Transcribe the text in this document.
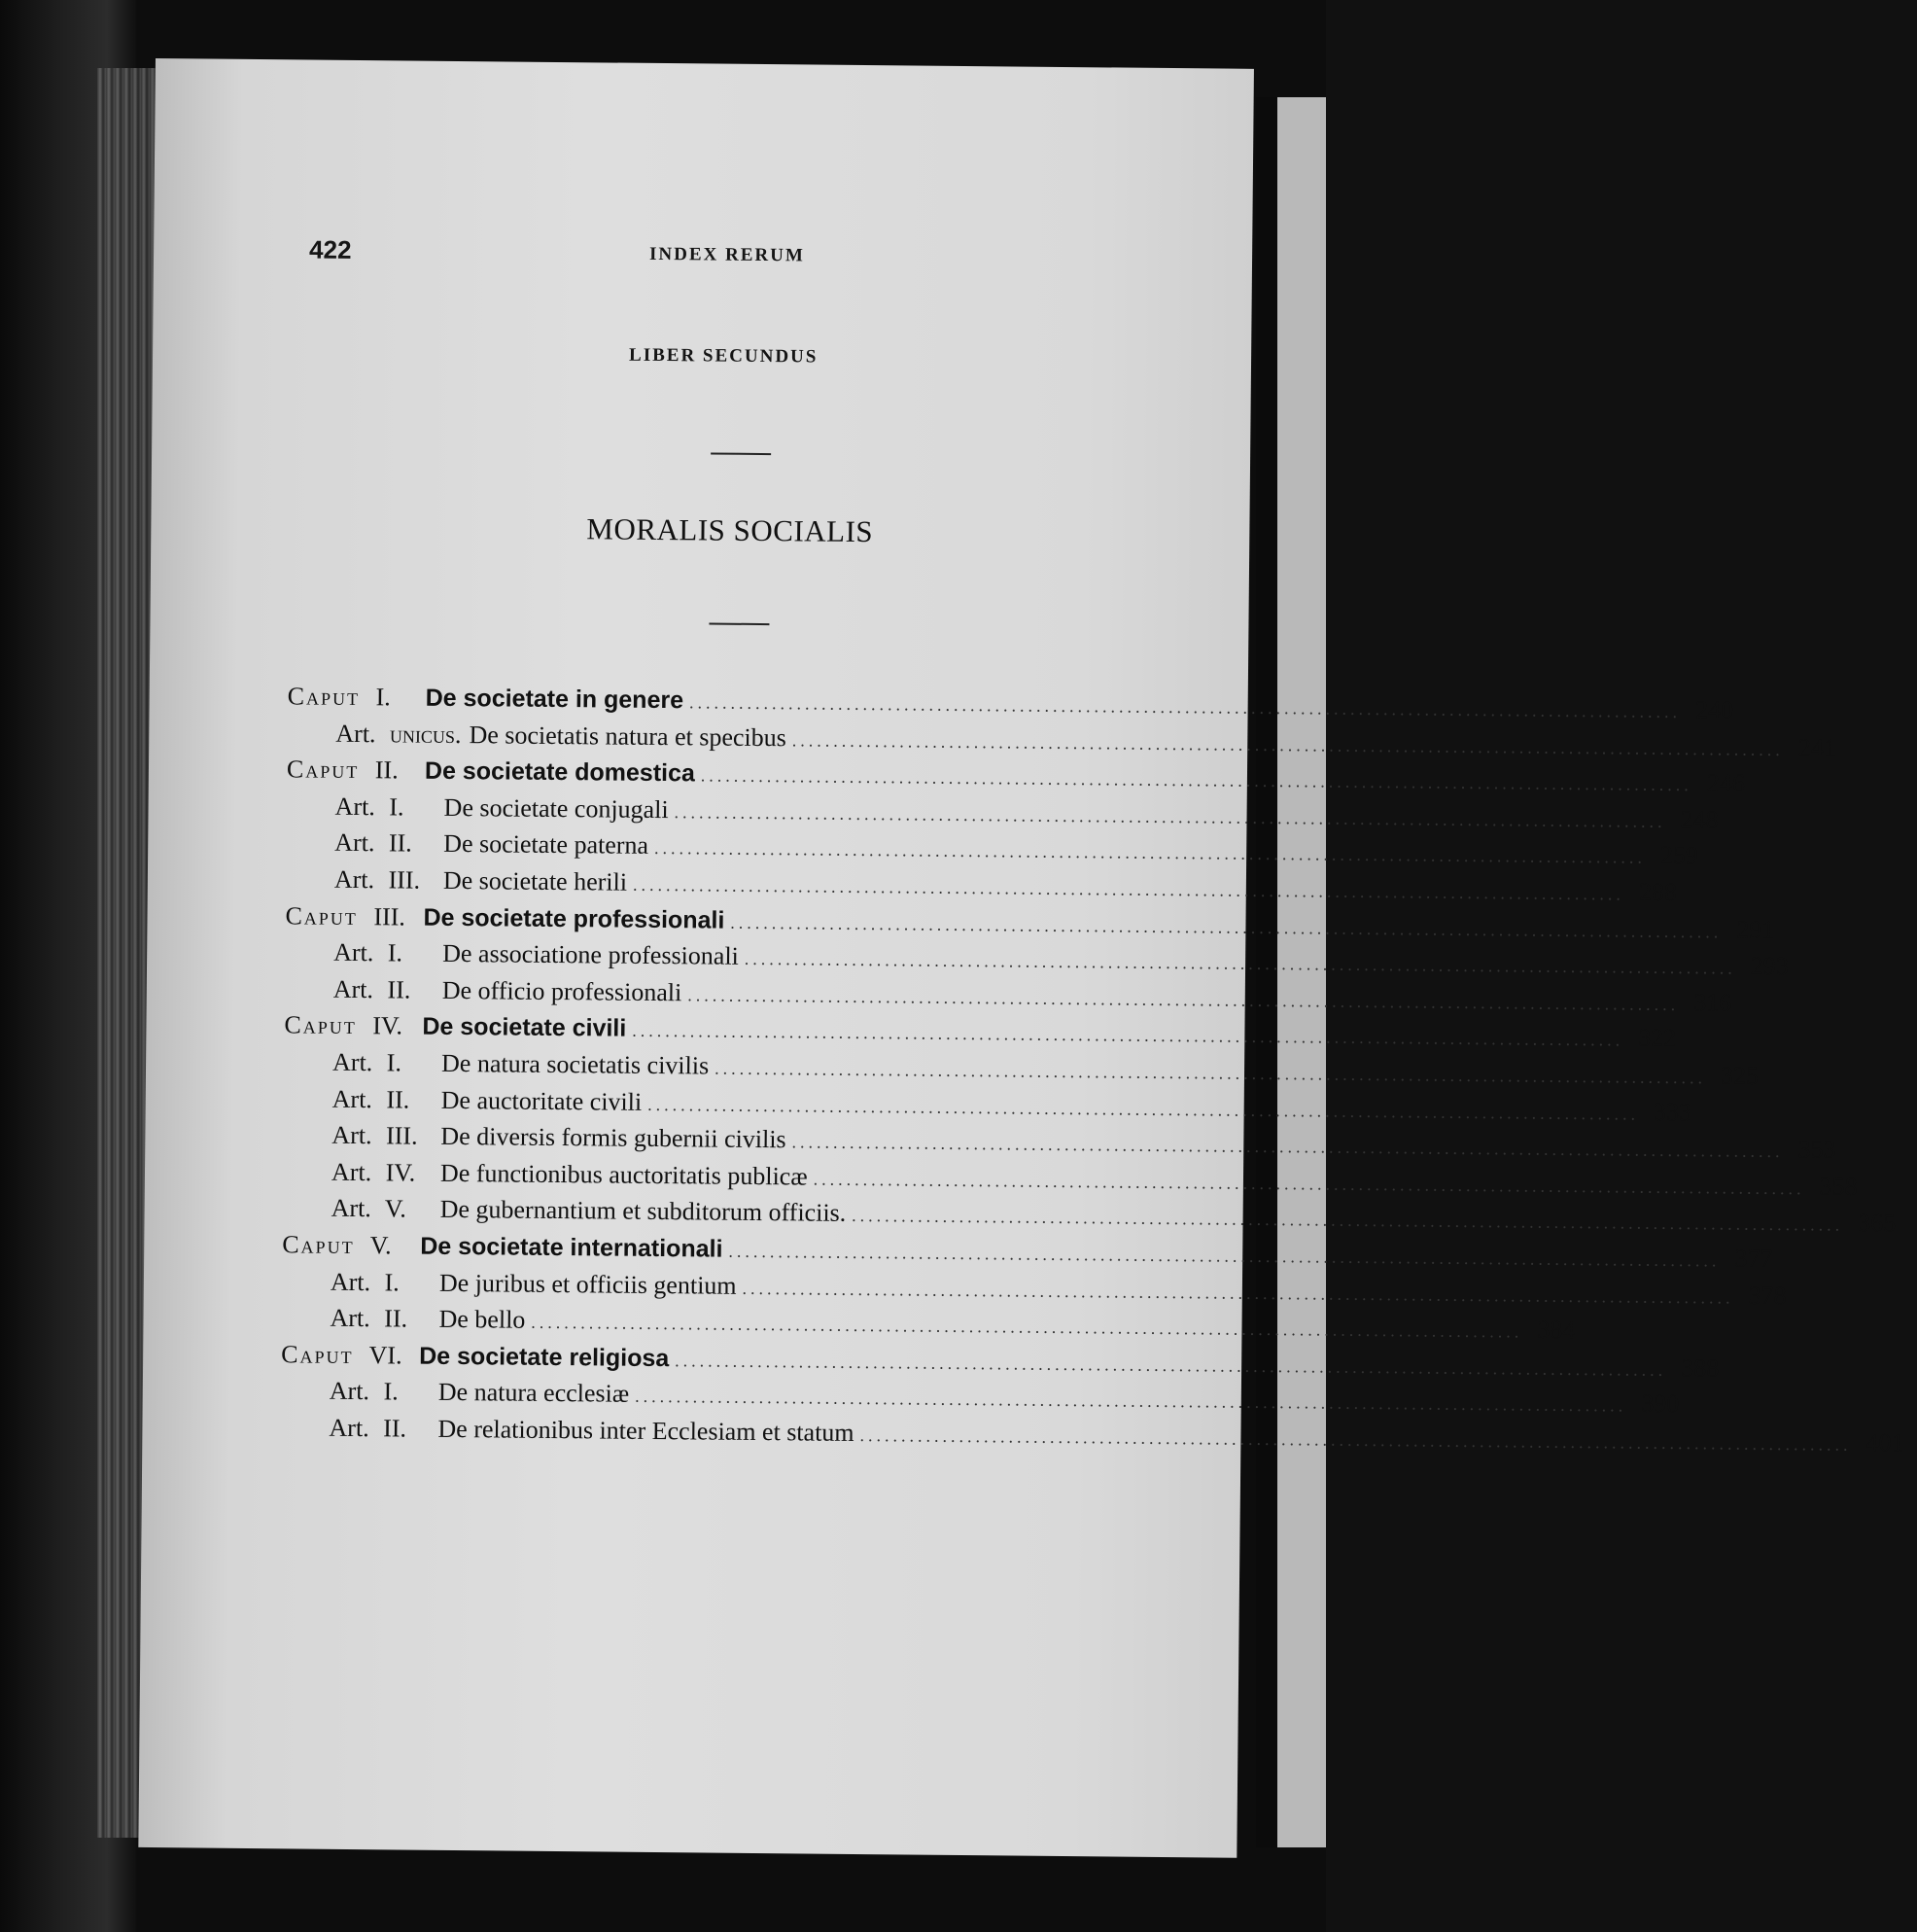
422	INDEX RERUM
LIBER SECUNDUS
MORALIS SOCIALIS
Caput I.	De societate in genere ........................................................................................................................ 240
Art. unicus. De societatis natura et specibus ........................................................................................................................ 241
Caput II.	De societate domestica ........................................................................................................................ 246
Art. I.	De societate conjugali ........................................................................................................................ 248
Art. II.	De societate paterna ........................................................................................................................ 259
Art. III. De societate herili ........................................................................................................................ 288
Caput III. De societate professionali ........................................................................................................................ 291
Art. I.	De associatione professionali ........................................................................................................................ 293
Art. II.	De officio professionali ........................................................................................................................ 316
Caput IV. De societate civili ........................................................................................................................ 322
Art. I.	De natura societatis civilis ........................................................................................................................ 325
Art. II.	De auctoritate civili ........................................................................................................................ 333
Art. III. De diversis formis gubernii civilis ........................................................................................................................ 353
Art. IV. De functionibus auctoritatis publicæ ........................................................................................................................ 358
Art. V.	De gubernantium et subditorum officiis. ........................................................................................................................ 365
Caput V.	De societate internationali ........................................................................................................................ 377
Art. I.	De juribus et officiis gentium ........................................................................................................................ 378
Art. II.	De bello ........................................................................................................................ 384
Caput VI. De societate religiosa ........................................................................................................................ 388
Art. I.	De natura ecclesiæ ........................................................................................................................ 390
Art. II.	De relationibus inter Ecclesiam et statum ........................................................................................................................ 401
